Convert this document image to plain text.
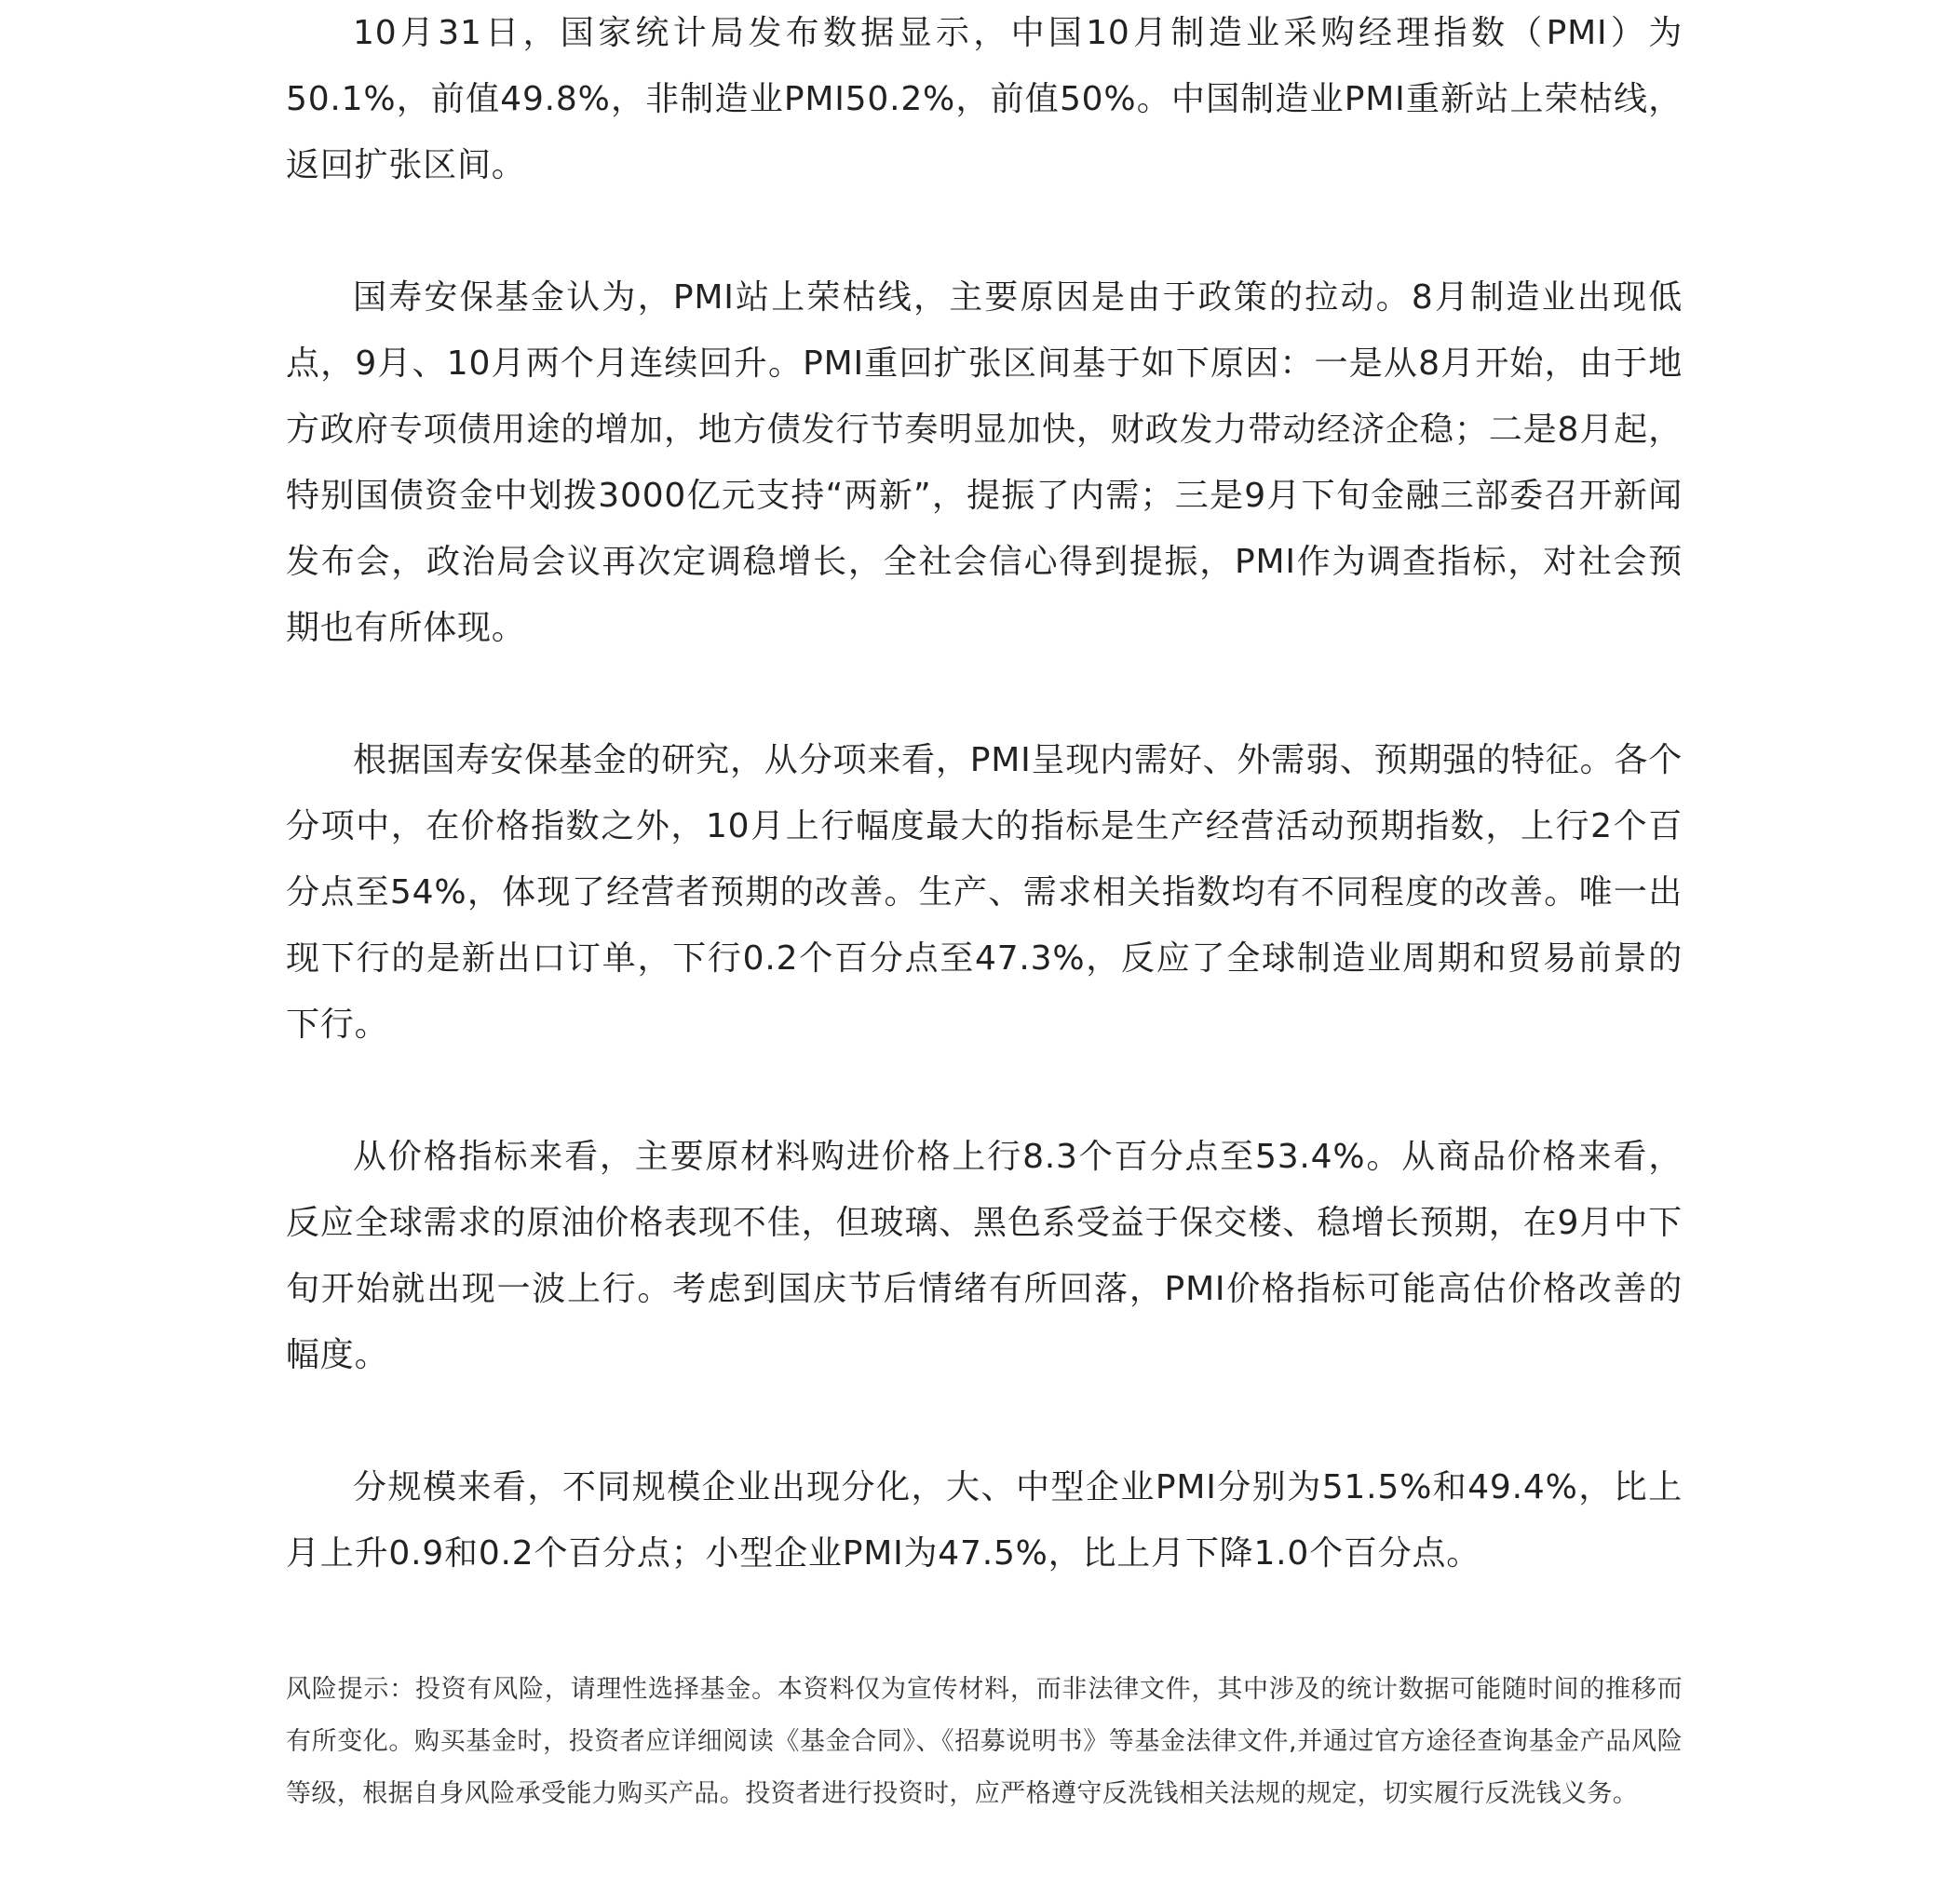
10月31日，国家统计局发布数据显示，中国10月制造业采购经理指数（PMI）为50.1%，前值49.8%，非制造业PMI50.2%，前值50%。中国制造业PMI重新站上荣枯线，返回扩张区间。

国寿安保基金认为，PMI站上荣枯线，主要原因是由于政策的拉动。8月制造业出现低点，9月、10月两个月连续回升。PMI重回扩张区间基于如下原因：一是从8月开始，由于地方政府专项债用途的增加，地方债发行节奏明显加快，财政发力带动经济企稳；二是8月起，特别国债资金中划拨3000亿元支持“两新”，提振了内需；三是9月下旬金融三部委召开新闻发布会，政治局会议再次定调稳增长，全社会信心得到提振，PMI作为调查指标，对社会预期也有所体现。

根据国寿安保基金的研究，从分项来看，PMI呈现内需好、外需弱、预期强的特征。各个分项中，在价格指数之外，10月上行幅度最大的指标是生产经营活动预期指数，上行2个百分点至54%，体现了经营者预期的改善。生产、需求相关指数均有不同程度的改善。唯一出现下行的是新出口订单，下行0.2个百分点至47.3%，反应了全球制造业周期和贸易前景的下行。

从价格指标来看，主要原材料购进价格上行8.3个百分点至53.4%。从商品价格来看，反应全球需求的原油价格表现不佳，但玻璃、黑色系受益于保交楼、稳增长预期，在9月中下旬开始就出现一波上行。考虑到国庆节后情绪有所回落，PMI价格指标可能高估价格改善的幅度。

分规模来看，不同规模企业出现分化，大、中型企业PMI分别为51.5%和49.4%，比上月上升0.9和0.2个百分点；小型企业PMI为47.5%，比上月下降1.0个百分点。

风险提示：投资有风险，请理性选择基金。本资料仅为宣传材料，而非法律文件，其中涉及的统计数据可能随时间的推移而有所变化。购买基金时，投资者应详细阅读《基金合同》、《招募说明书》等基金法律文件,并通过官方途径查询基金产品风险等级，根据自身风险承受能力购买产品。投资者进行投资时，应严格遵守反洗钱相关法规的规定，切实履行反洗钱义务。
